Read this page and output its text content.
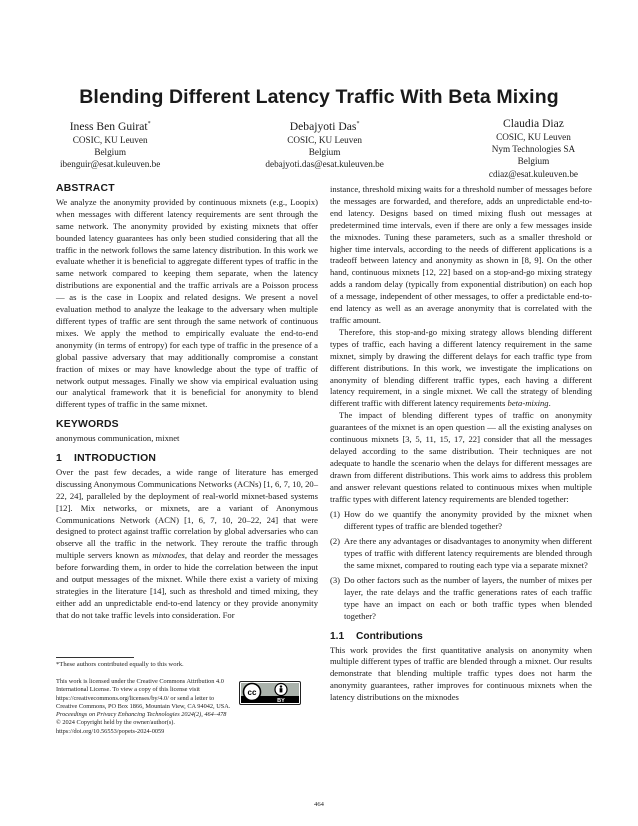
Blending Different Latency Traffic With Beta Mixing
Iness Ben Guirat*
COSIC, KU Leuven
Belgium
ibenguir@esat.kuleuven.be
Debajyoti Das*
COSIC, KU Leuven
Belgium
debajyoti.das@esat.kuleuven.be
Claudia Diaz
COSIC, KU Leuven
Nym Technologies SA
Belgium
cdiaz@esat.kuleuven.be
ABSTRACT

We analyze the anonymity provided by continuous mixnets (e.g., Loopix) when messages with different latency requirements are sent through the same network. The anonymity provided by existing mixnets that offer bounded latency guarantees has only been studied considering that all the traffic in the network follows the same latency distribution. In this work we evaluate whether it is beneficial to aggregate different types of traffic in the same network compared to keeping them separate, when the latency distributions are exponential and the traffic arrivals are a Poisson process — as is the case in Loopix and related designs. We present a novel evaluation method to analyze the leakage to the adversary when multiple different types of traffic are sent through the same network of continuous mixes. We apply the method to empirically evaluate the end-to-end anonymity (in terms of entropy) for each type of traffic in the presence of a global passive adversary that may additionally compromise a constant fraction of mixes or may have knowledge about the type of traffic of network output messages. Finally we show via empirical evaluation using our analytical framework that it is beneficial for anonymity to blend different types of traffic in the same mixnet.

KEYWORDS

anonymous communication, mixnet

1 INTRODUCTION

Over the past few decades, a wide range of literature has emerged discussing Anonymous Communications Networks (ACNs) [1, 6, 7, 10, 20–22, 24], paralleled by the deployment of real-world mixnet-based systems [12]. Mix networks, or mixnets, are a variant of Anonymous Communications Network (ACN) [1, 6, 7, 10, 20–22, 24] that were designed to protect against traffic correlation by global adversaries who can observe all the traffic in the network. They reroute the traffic through multiple servers known as mixnodes, that delay and reorder the messages before forwarding them, in order to hide the correlation between the input and output messages of the mixnet. While there exist a variety of mixing strategies in the literature [14], such as threshold and timed mixing, they either add an unpredictable end-to-end latency or they provide anonymity that do not take traffic levels into consideration. For

*These authors contributed equally to this work.
This work is licensed under the Creative Commons Attribution 4.0 International License. To view a copy of this license visit https://creativecommons.org/licenses/by/4.0/ or send a letter to Creative Commons, PO Box 1866, Mountain View, CA 94042, USA.
Proceedings on Privacy Enhancing Technologies 2024(2), 464–478
© 2024 Copyright held by the owner/author(s).
https://doi.org/10.56553/popets-2024-0059
cc
BY

instance, threshold mixing waits for a threshold number of messages before the messages are forwarded, and therefore, adds an unpredictable end-to-end latency. Designs based on timed mixing flush out messages at predetermined time intervals, even if there are only a few messages inside the mixnodes. Tuning these parameters, such as a smaller threshold or higher time intervals, according to the needs of different applications is a tradeoff between latency and anonymity as shown in [8, 9]. On the other hand, continuous mixnets [12, 22] based on a stop-and-go mixing strategy adds a random delay (typically from exponential distribution) on each hop of a message, independent of other messages, to offer a predictable end-to-end latency as well as an average anonymity that is correlated with the traffic amount.

Therefore, this stop-and-go mixing strategy allows blending different types of traffic, each having a different latency requirement in the same mixnet, simply by drawing the different delays for each traffic type from different distributions. In this work, we investigate the implications on anonymity of blending different traffic types, each having a different latency requirement, in a single mixnet. We call the strategy of blending different traffic with different latency requirements beta-mixing.

The impact of blending different types of traffic on anonymity guarantees of the mixnet is an open question — all the existing analyses on continuous mixnets [3, 5, 11, 15, 17, 22] consider that all the messages delayed according to the same distribution. Their techniques are not adequate to handle the scenario when the delays for different messages are drawn from different distributions. This work aims to address this problem and answer relevant questions related to continuous mixes when multiple traffic types with different latency requirements are blended together:

(1) How do we quantify the anonymity provided by the mixnet when different types of traffic are blended together?
(2) Are there any advantages or disadvantages to anonymity when different types of traffic with different latency requirements are blended through the same mixnet, compared to routing each type via a separate mixnet?
(3) Do other factors such as the number of layers, the number of mixes per layer, the rate delays and the traffic generations rates of each traffic type have an impact on each or both traffic types when blended together?
1.1 Contributions

This work provides the first quantitative analysis on anonymity when multiple different types of traffic are blended through a mixnet. Our results demonstrate that blending multiple traffic types does not harm the anonymity guarantees, rather improves for continuous mixnets when the latency distributions on the mixnodes

464
